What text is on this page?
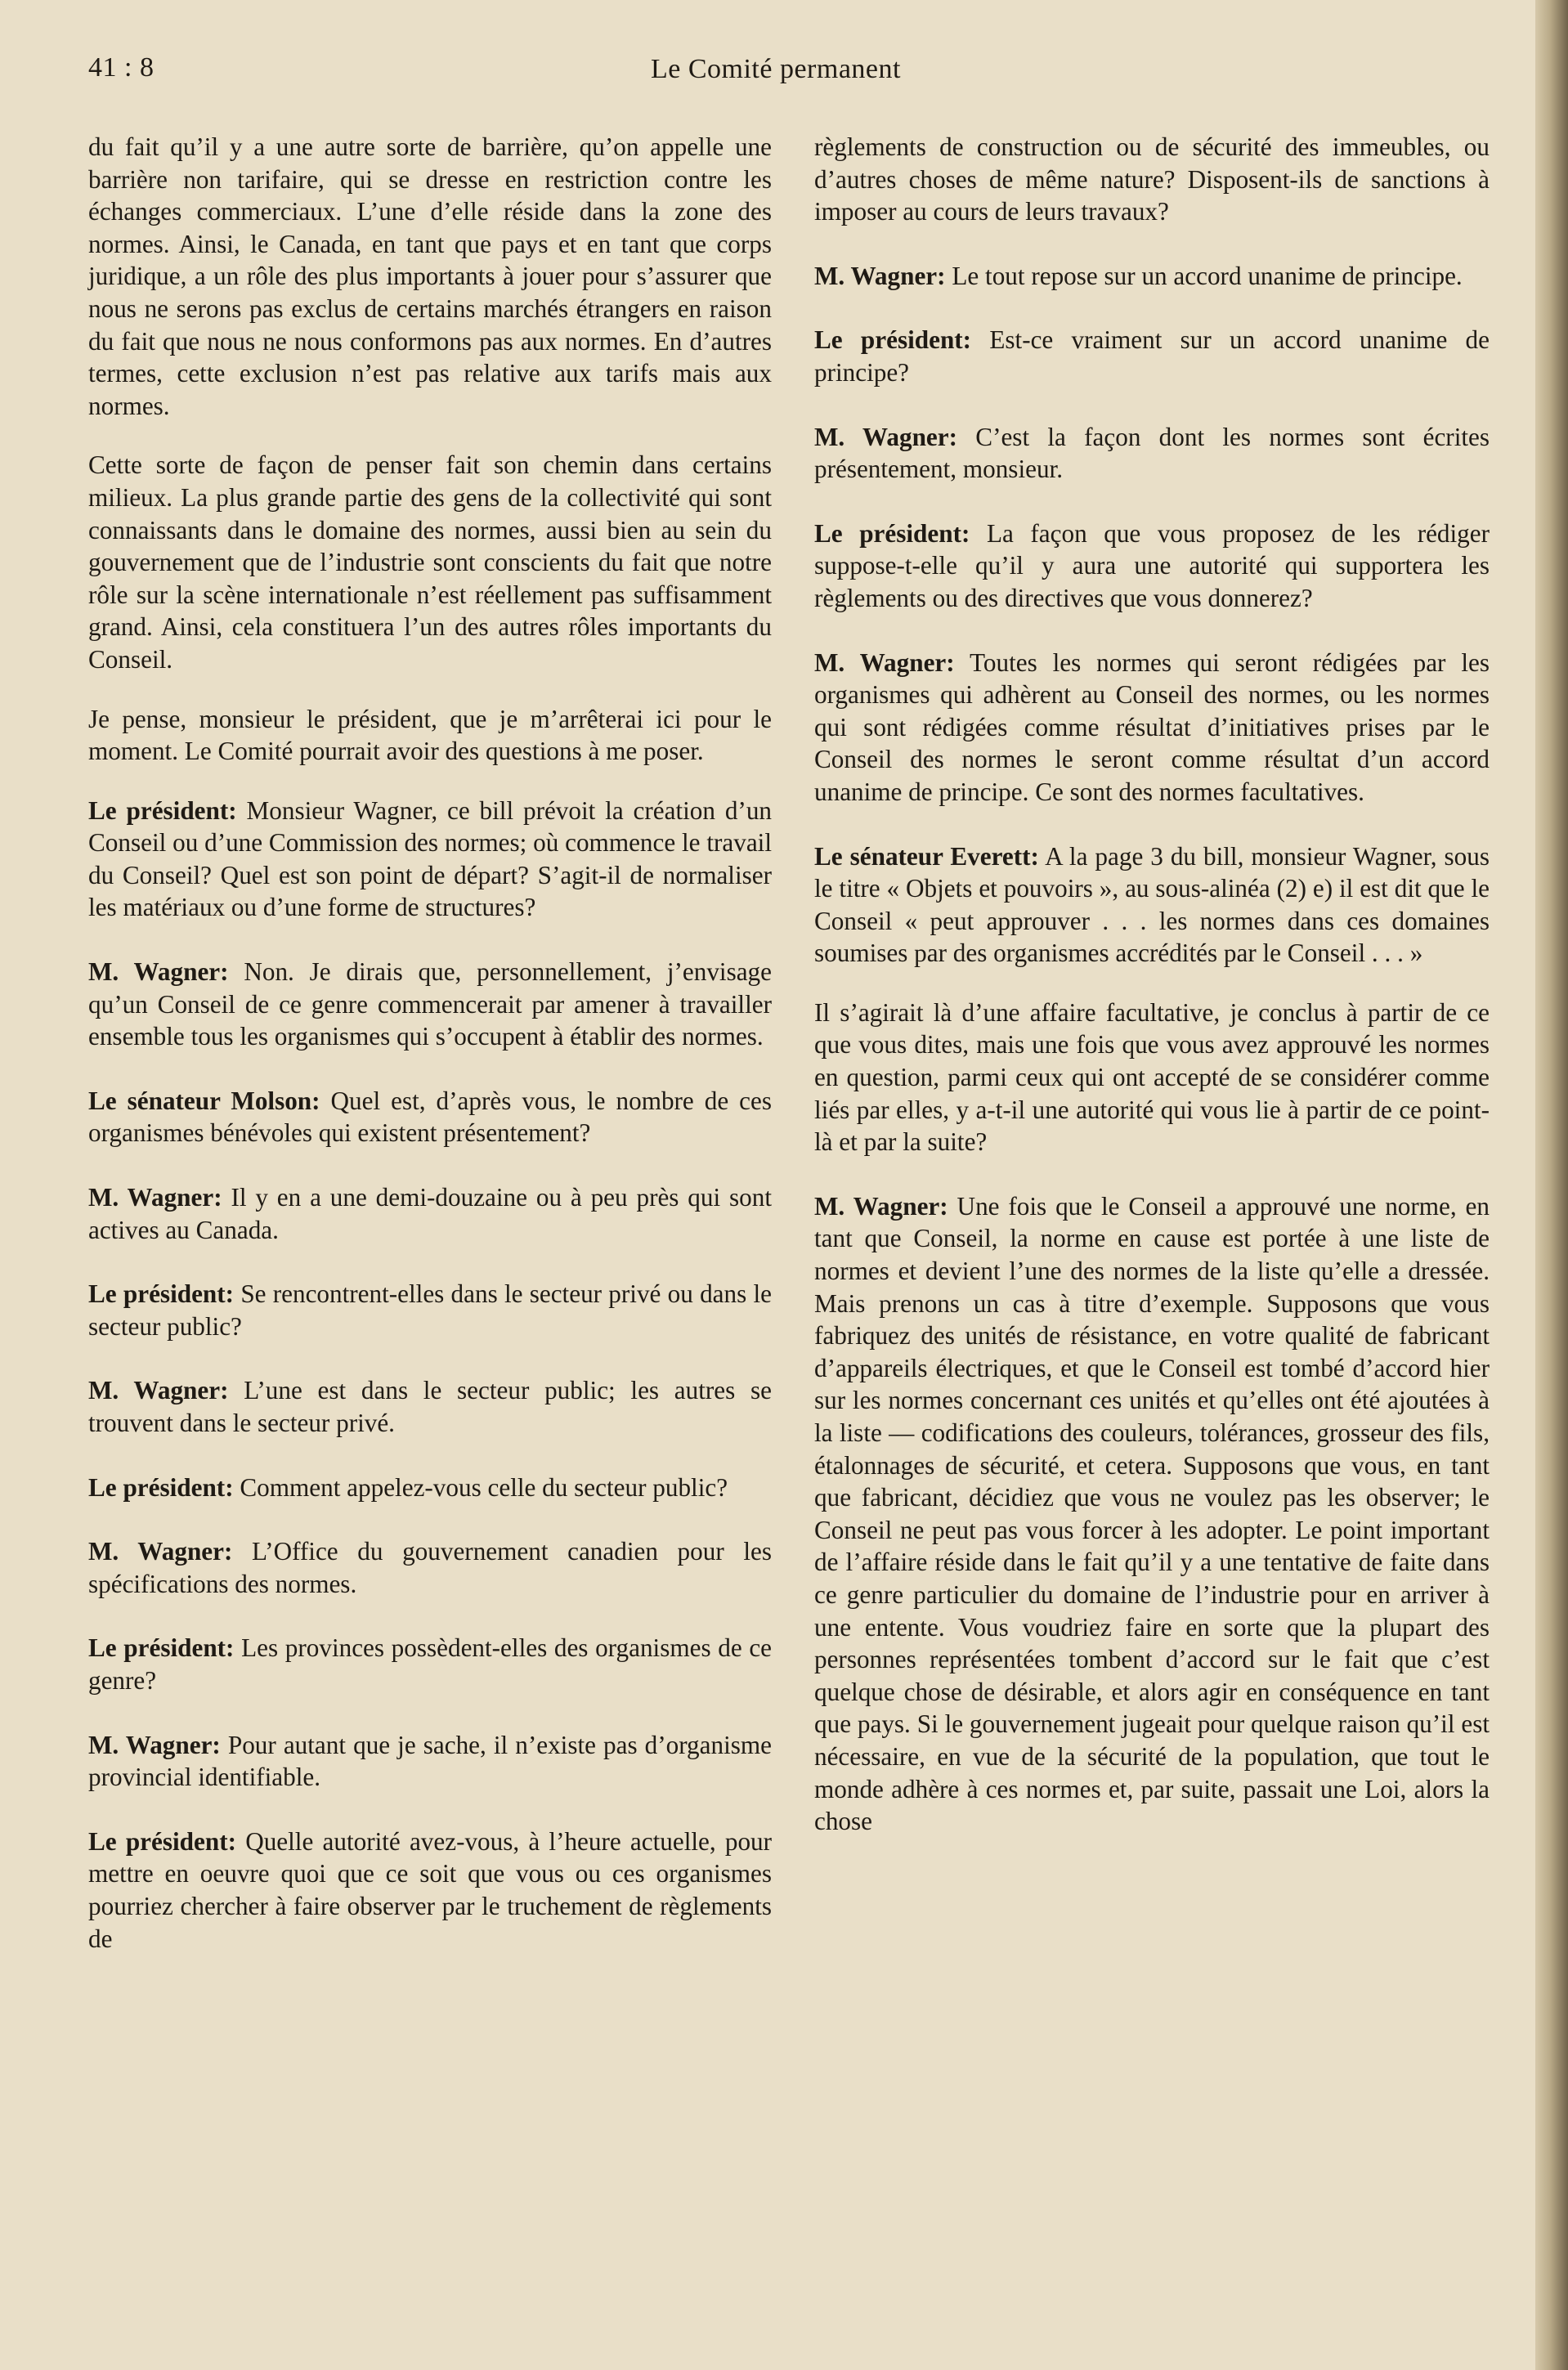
41 : 8	Le Comité permanent

du fait qu’il y a une autre sorte de barrière, qu’on appelle une barrière non tarifaire, qui se dresse en restriction contre les échanges commerciaux. L’une d’elle réside dans la zone des normes. Ainsi, le Canada, en tant que pays et en tant que corps juridique, a un rôle des plus importants à jouer pour s’assurer que nous ne serons pas exclus de certains marchés étrangers en raison du fait que nous ne nous conformons pas aux normes. En d’autres termes, cette exclusion n’est pas relative aux tarifs mais aux normes.

Cette sorte de façon de penser fait son chemin dans certains milieux. La plus grande partie des gens de la collectivité qui sont connaissants dans le domaine des normes, aussi bien au sein du gouvernement que de l’industrie sont conscients du fait que notre rôle sur la scène internationale n’est réellement pas suffisamment grand. Ainsi, cela constituera l’un des autres rôles importants du Conseil.

Je pense, monsieur le président, que je m’arrêterai ici pour le moment. Le Comité pourrait avoir des questions à me poser.

Le président: Monsieur Wagner, ce bill prévoit la création d’un Conseil ou d’une Commission des normes; où commence le travail du Conseil? Quel est son point de départ? S’agit-il de normaliser les matériaux ou d’une forme de structures?

M. Wagner: Non. Je dirais que, personnellement, j’envisage qu’un Conseil de ce genre commencerait par amener à travailler ensemble tous les organismes qui s’occupent à établir des normes.

Le sénateur Molson: Quel est, d’après vous, le nombre de ces organismes bénévoles qui existent présentement?

M. Wagner: Il y en a une demi-douzaine ou à peu près qui sont actives au Canada.

Le président: Se rencontrent-elles dans le secteur privé ou dans le secteur public?

M. Wagner: L’une est dans le secteur public; les autres se trouvent dans le secteur privé.

Le président: Comment appelez-vous celle du secteur public?

M. Wagner: L’Office du gouvernement canadien pour les spécifications des normes.

Le président: Les provinces possèdent-elles des organismes de ce genre?

M. Wagner: Pour autant que je sache, il n’existe pas d’organisme provincial identifiable.

Le président: Quelle autorité avez-vous, à l’heure actuelle, pour mettre en oeuvre quoi que ce soit que vous ou ces organismes pourriez chercher à faire observer par le truchement de règlements de

règlements de construction ou de sécurité des immeubles, ou d’autres choses de même nature? Disposent-ils de sanctions à imposer au cours de leurs travaux?

M. Wagner: Le tout repose sur un accord unanime de principe.

Le président: Est-ce vraiment sur un accord unanime de principe?

M. Wagner: C’est la façon dont les normes sont écrites présentement, monsieur.

Le président: La façon que vous proposez de les rédiger suppose-t-elle qu’il y aura une autorité qui supportera les règlements ou des directives que vous donnerez?

M. Wagner: Toutes les normes qui seront rédigées par les organismes qui adhèrent au Conseil des normes, ou les normes qui sont rédigées comme résultat d’initiatives prises par le Conseil des normes le seront comme résultat d’un accord unanime de principe. Ce sont des normes facultatives.

Le sénateur Everett: A la page 3 du bill, monsieur Wagner, sous le titre « Objets et pouvoirs », au sous-alinéa (2) e) il est dit que le Conseil « peut approuver . . . les normes dans ces domaines soumises par des organismes accrédités par le Conseil . . . »

Il s’agirait là d’une affaire facultative, je conclus à partir de ce que vous dites, mais une fois que vous avez approuvé les normes en question, parmi ceux qui ont accepté de se considérer comme liés par elles, y a-t-il une autorité qui vous lie à partir de ce point-là et par la suite?

M. Wagner: Une fois que le Conseil a approuvé une norme, en tant que Conseil, la norme en cause est portée à une liste de normes et devient l’une des normes de la liste qu’elle a dressée. Mais prenons un cas à titre d’exemple. Supposons que vous fabriquez des unités de résistance, en votre qualité de fabricant d’appareils électriques, et que le Conseil est tombé d’accord hier sur les normes concernant ces unités et qu’elles ont été ajoutées à la liste — codifications des couleurs, tolérances, grosseur des fils, étalonnages de sécurité, et cetera. Supposons que vous, en tant que fabricant, décidiez que vous ne voulez pas les observer; le Conseil ne peut pas vous forcer à les adopter. Le point important de l’affaire réside dans le fait qu’il y a une tentative de faite dans ce genre particulier du domaine de l’industrie pour en arriver à une entente. Vous voudriez faire en sorte que la plupart des personnes représentées tombent d’accord sur le fait que c’est quelque chose de désirable, et alors agir en conséquence en tant que pays. Si le gouvernement jugeait pour quelque raison qu’il est nécessaire, en vue de la sécurité de la population, que tout le monde adhère à ces normes et, par suite, passait une Loi, alors la chose
